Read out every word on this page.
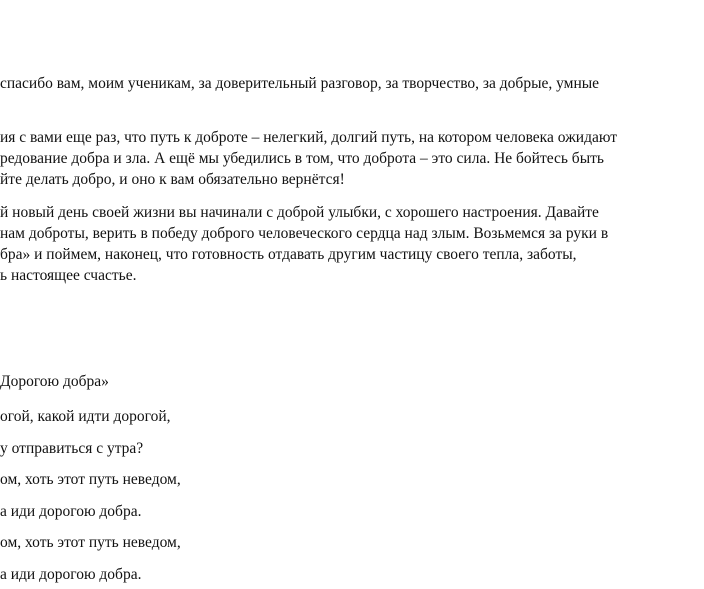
спасибо вам, моим ученикам, за доверительный разговор, за творчество, за добрые, умные
ия с вами еще раз, что путь к доброте – нелегкий, долгий путь, на котором человека ожидают
редование добра и зла. А ещё мы убедились в том, что доброта – это сила. Не бойтесь быть
йте делать добро, и оно к вам обязательно вернётся!
й новый день своей жизни вы начинали с доброй улыбки, с хорошего настроения. Давайте
нам доброты, верить в победу доброго человеческого сердца над злым. Возьмемся за руки в
бра» и поймем, наконец, что готовность отдавать другим частицу своего тепла, заботы,
ь настоящее счастье.
Дорогою добра»
огой, какой идти дорогой,
у отправиться с утра?
ом, хоть этот путь неведом,
а иди дорогою добра.
ом, хоть этот путь неведом,
а иди дорогою добра.
